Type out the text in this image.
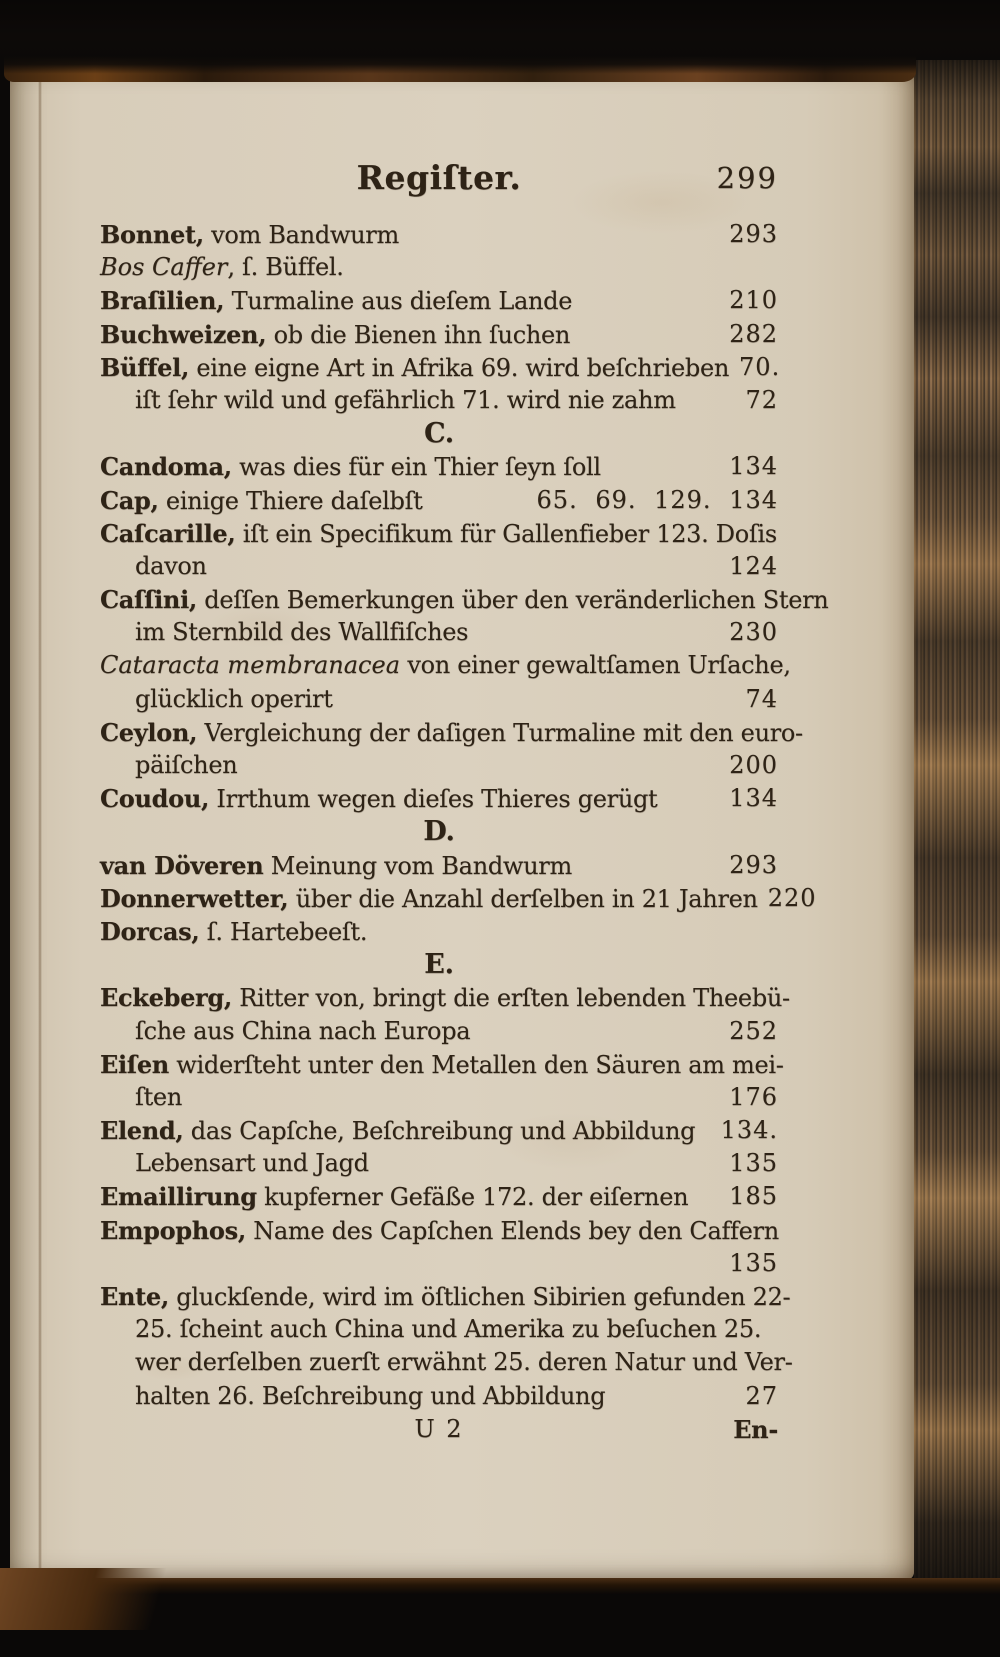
Regiſter.	299
Bonnet, vom Bandwurm	293
Bos Caffer, ſ. Büffel.
Braſilien, Turmaline aus dieſem Lande	210
Buchweizen, ob die Bienen ihn ſuchen	282
Büffel, eine eigne Art in Afrika 69. wird beſchrieben 70.
iſt ſehr wild und gefährlich 71. wird nie zahm	72
C.
Candoma, was dies für ein Thier ſeyn ſoll	134
Cap, einige Thiere daſelbſt	65. 69. 129. 134
Caſcarille, iſt ein Specifikum für Gallenfieber 123. Doſis
davon	124
Caſſini, deſſen Bemerkungen über den veränderlichen Stern
im Sternbild des Wallfiſches	230
Cataracta membranacea von einer gewaltſamen Urſache,
glücklich operirt	74
Ceylon, Vergleichung der daſigen Turmaline mit den euro-
päiſchen	200
Coudou, Irrthum wegen dieſes Thieres gerügt	134
D.
van Döveren Meinung vom Bandwurm	293
Donnerwetter, über die Anzahl derſelben in 21 Jahren 220
Dorcas, ſ. Hartebeeſt.
E.
Eckeberg, Ritter von, bringt die erſten lebenden Theebü-
ſche aus China nach Europa	252
Eiſen widerſteht unter den Metallen den Säuren am mei-
ſten	176
Elend, das Capſche, Beſchreibung und Abbildung	134.
Lebensart und Jagd	135
Emaillirung kupferner Gefäße 172. der eiſernen	185
Empophos, Name des Capſchen Elends bey den Caffern
135
Ente, gluckſende, wird im öſtlichen Sibirien gefunden 22-
25. ſcheint auch China und Amerika zu beſuchen 25.
wer derſelben zuerſt erwähnt 25. deren Natur und Ver-
halten 26. Beſchreibung und Abbildung	27
U 2	En-
